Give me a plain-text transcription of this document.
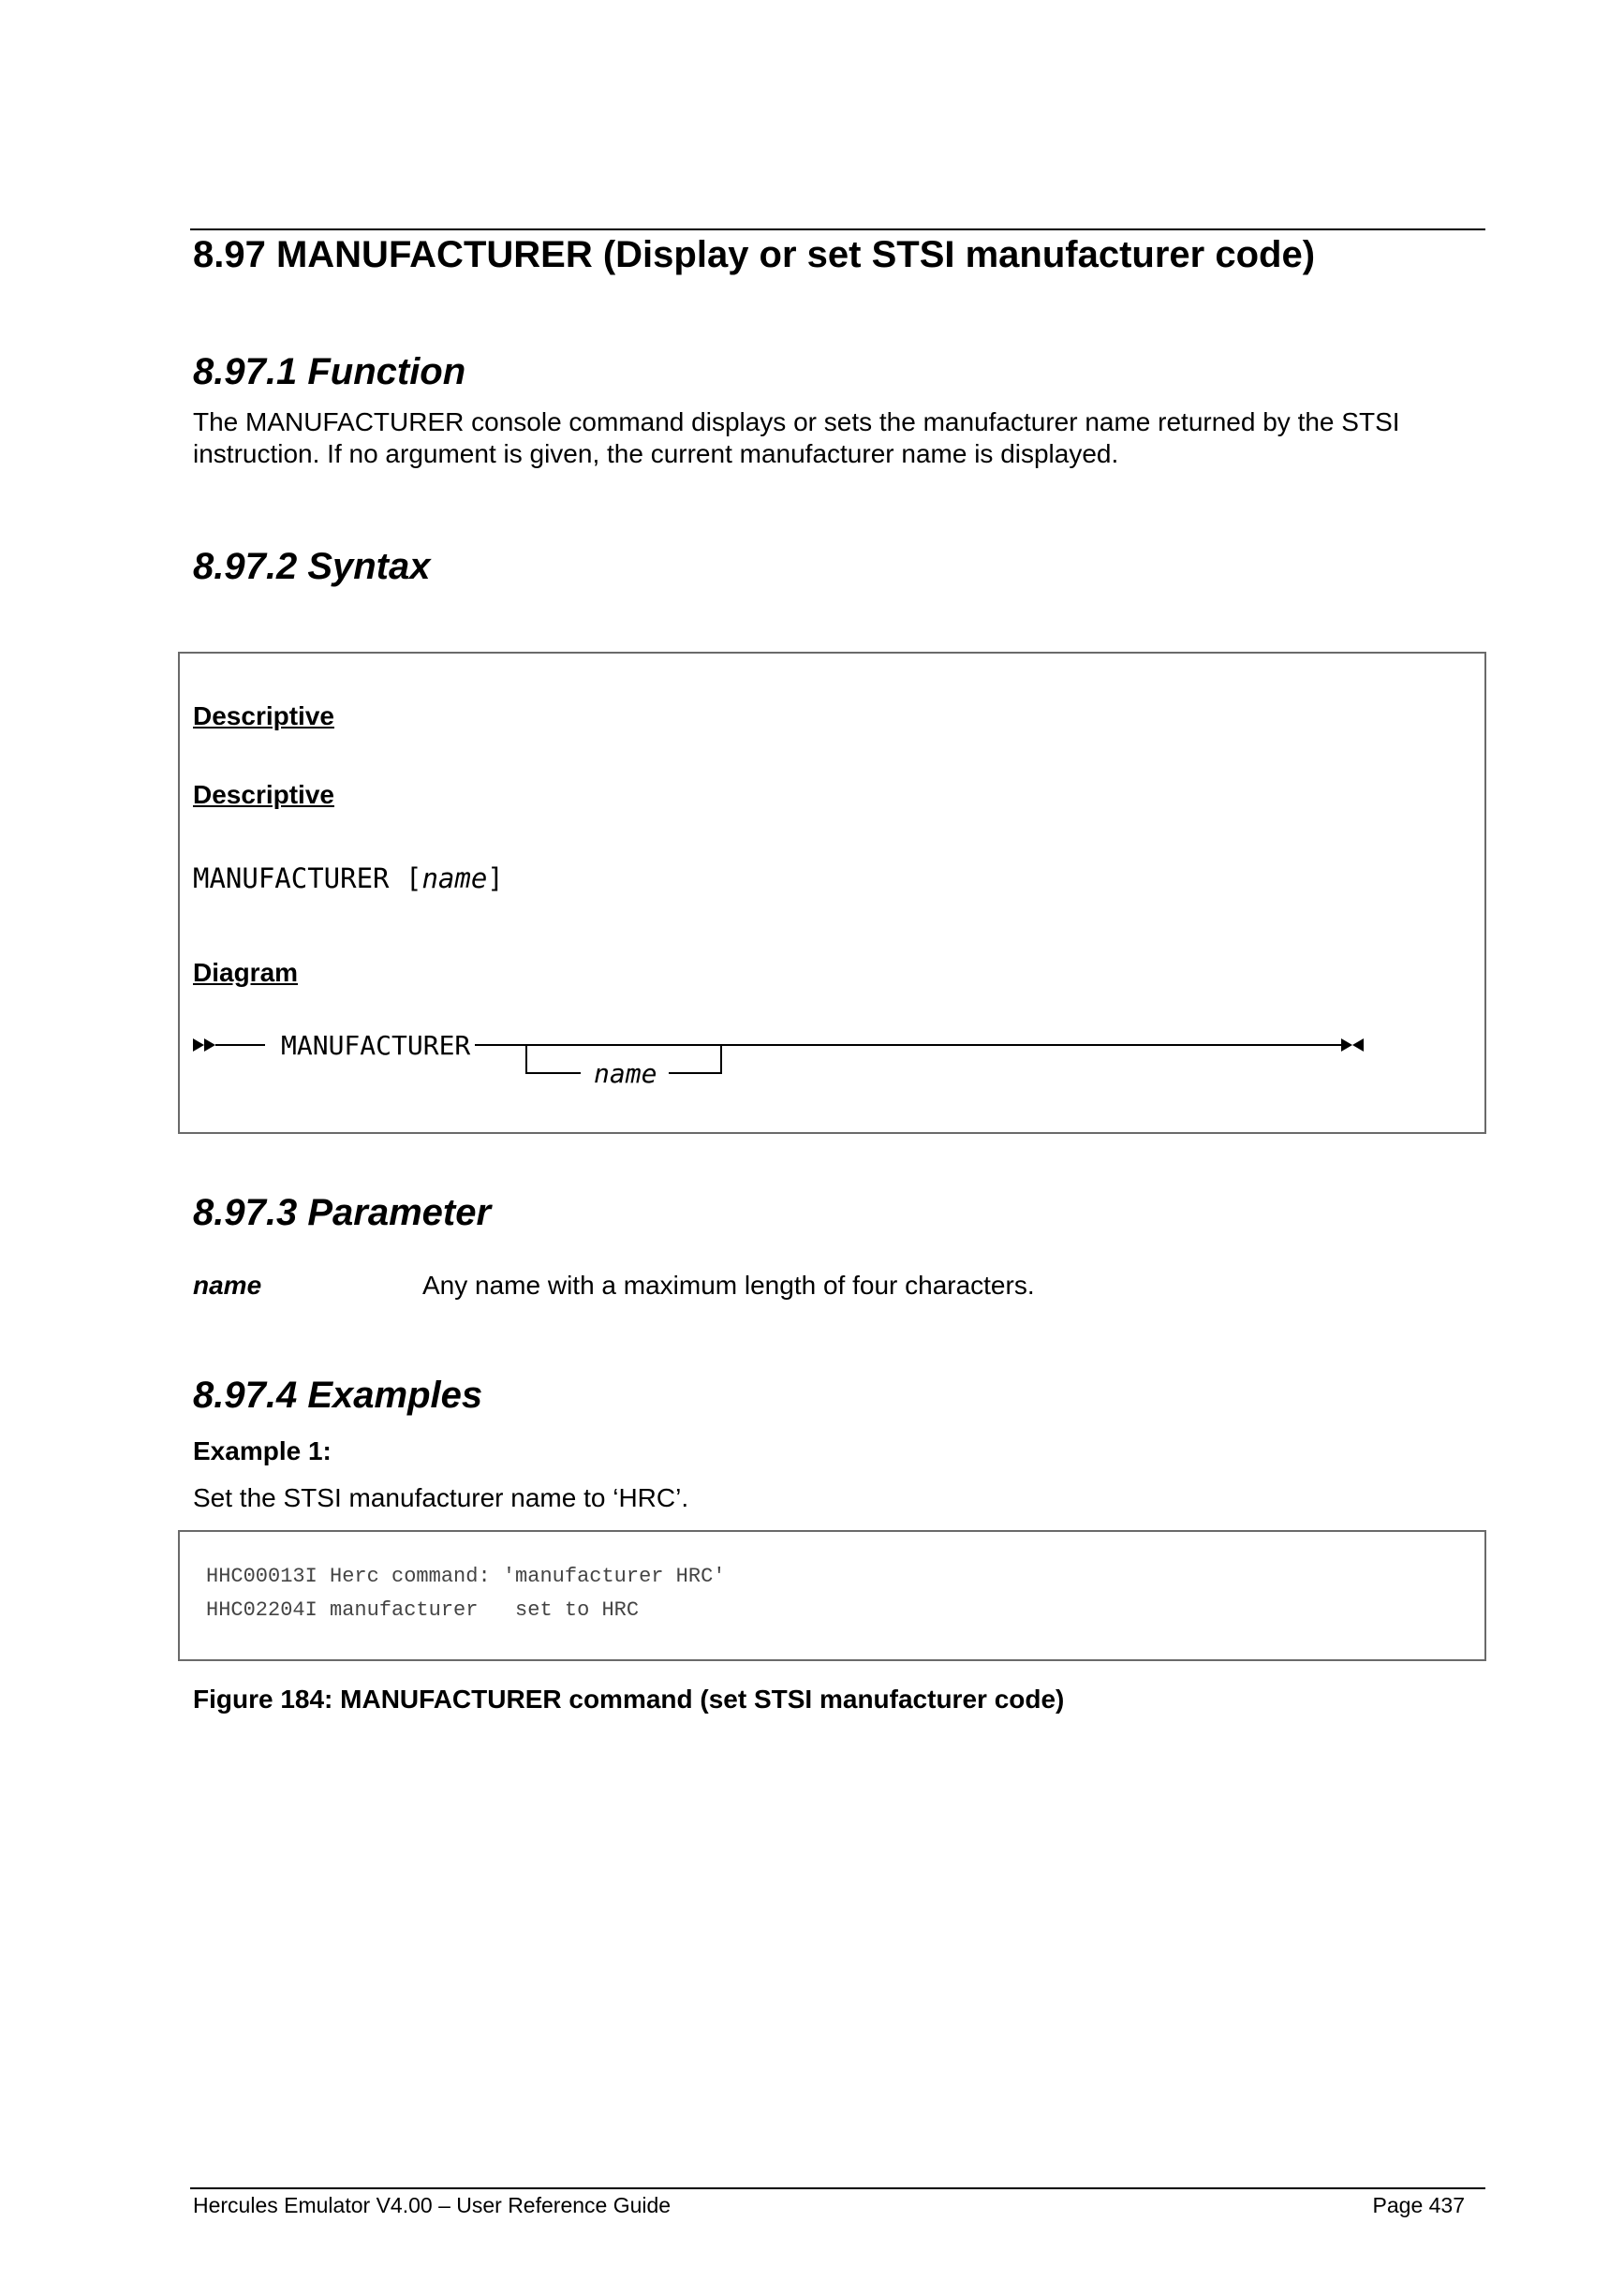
8.97 MANUFACTURER (Display or set STSI manufacturer code)
8.97.1 Function
The MANUFACTURER console command displays or sets the manufacturer name returned by the STSI
instruction. If no argument is given, the current manufacturer name is displayed.
8.97.2 Syntax
Descriptive
Descriptive
MANUFACTURER [name]
Diagram
MANUFACTURER
name
8.97.3 Parameter
name	Any name with a maximum length of four characters.
8.97.4 Examples
Example 1:
Set the STSI manufacturer name to ‘HRC’.
HHC00013I Herc command: 'manufacturer HRC'
HHC02204I manufacturer   set to HRC
Figure 184: MANUFACTURER command (set STSI manufacturer code)
Hercules Emulator V4.00 – User Reference Guide	Page 437
